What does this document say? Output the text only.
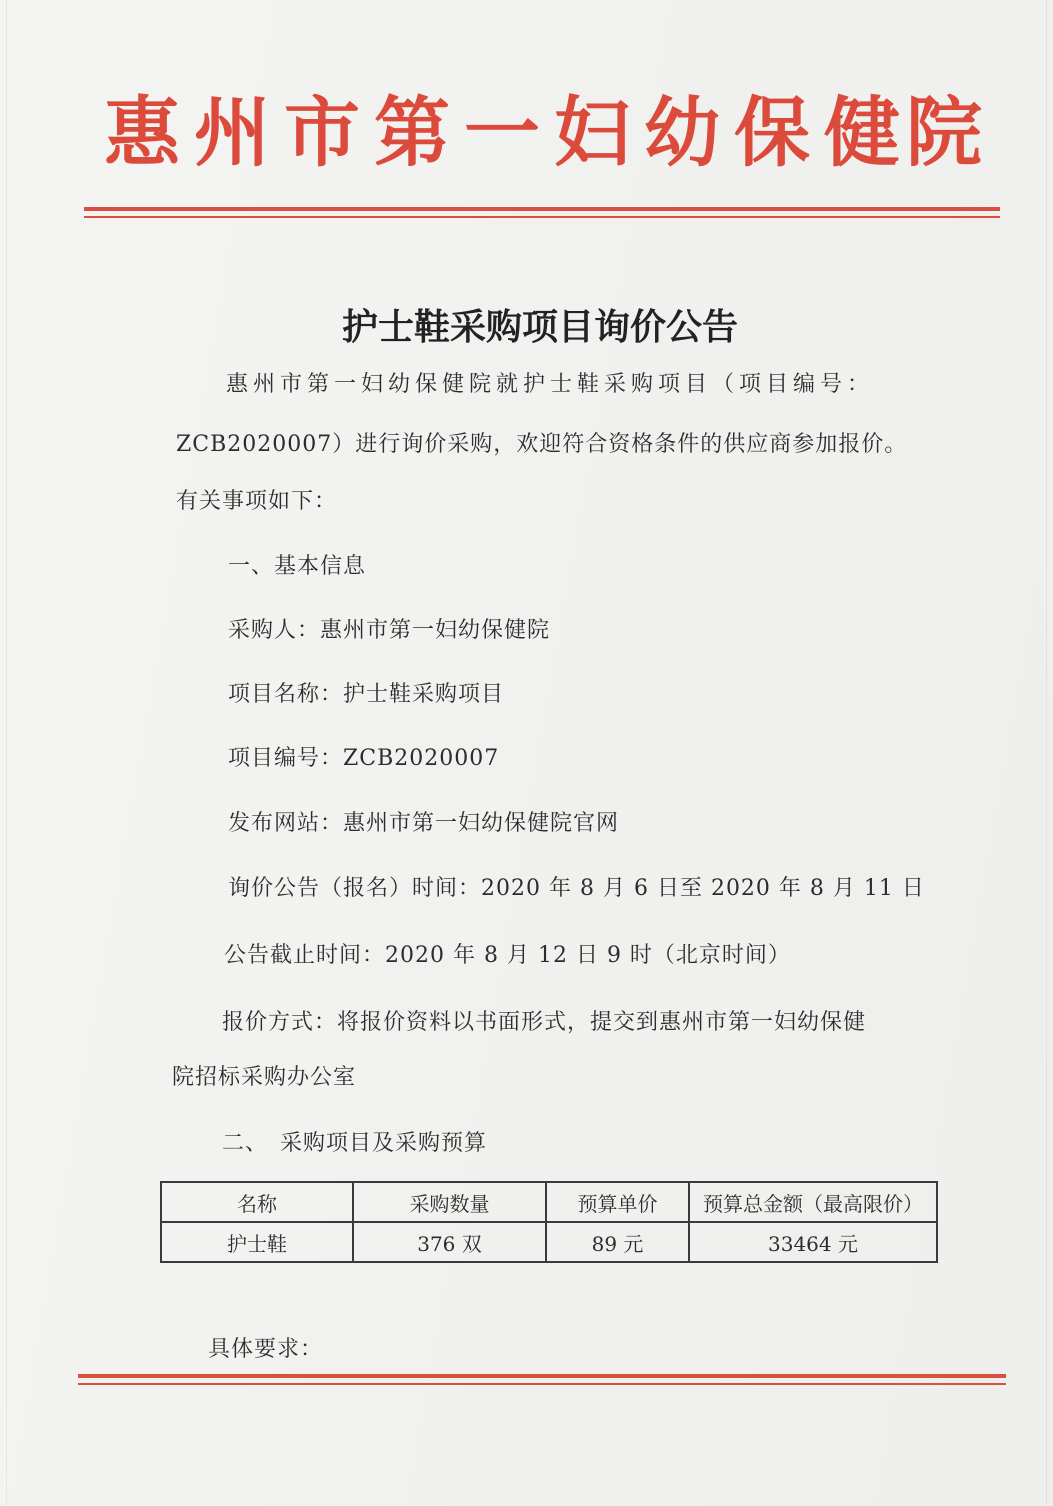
惠 州 市 第 一 妇 幼 保 健 院
护士鞋采购项目询价公告
惠州市第一妇幼保健院就护士鞋采购项目（项目编号：
ZCB2020007）进行询价采购，欢迎符合资格条件的供应商参加报价。
有关事项如下：
一、基本信息
采购人：惠州市第一妇幼保健院
项目名称：护士鞋采购项目
项目编号：ZCB2020007
发布网站：惠州市第一妇幼保健院官网
询价公告（报名）时间：2020 年 8 月 6 日至 2020 年 8 月 11 日
公告截止时间：2020 年 8 月 12 日 9 时（北京时间）
报价方式：将报价资料以书面形式，提交到惠州市第一妇幼保健
院招标采购办公室
二、　采购项目及采购预算
名称	采购数量	预算单价	预算总金额（最高限价）
护士鞋	376 双	89 元	33464 元
具体要求：
